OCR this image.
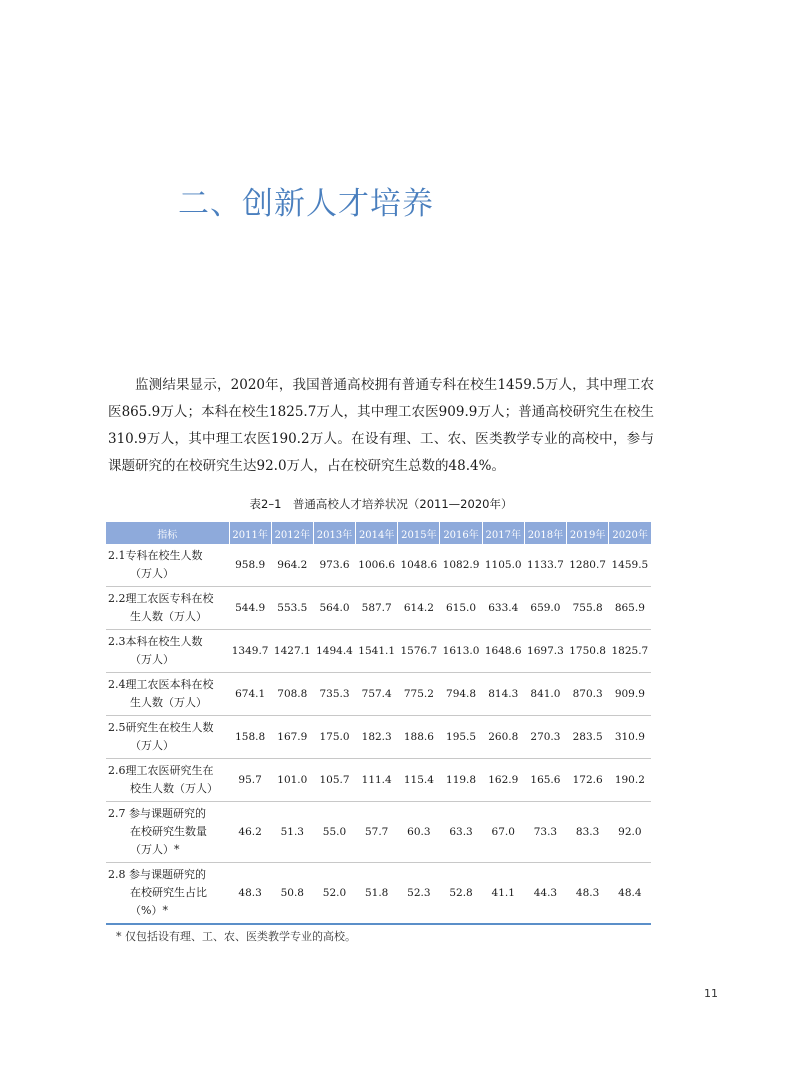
二、创新人才培养

监测结果显示，2020年，我国普通高校拥有普通专科在校生1459.5万人，其中理工农医865.9万人；本科在校生1825.7万人，其中理工农医909.9万人；普通高校研究生在校生310.9万人，其中理工农医190.2万人。在设有理、工、农、医类教学专业的高校中，参与课题研究的在校研究生达92.0万人，占在校研究生总数的48.4%。

表2–1　普通高校人才培养状况（2011—2020年）
指标	2011年	2012年	2013年	2014年	2015年	2016年	2017年	2018年	2019年	2020年

2.1专科在校生人数
（万人）	958.9	964.2	973.6	1006.6	1048.6	1082.9	1105.0	1133.7	1280.7	1459.5

2.2理工农医专科在校
生人数（万人）	544.9	553.5	564.0	587.7	614.2	615.0	633.4	659.0	755.8	865.9

2.3本科在校生人数
（万人）	1349.7	1427.1	1494.4	1541.1	1576.7	1613.0	1648.6	1697.3	1750.8	1825.7

2.4理工农医本科在校
生人数（万人）	674.1	708.8	735.3	757.4	775.2	794.8	814.3	841.0	870.3	909.9

2.5研究生在校生人数
（万人）	158.8	167.9	175.0	182.3	188.6	195.5	260.8	270.3	283.5	310.9

2.6理工农医研究生在
校生人数（万人）	95.7	101.0	105.7	111.4	115.4	119.8	162.9	165.6	172.6	190.2

2.7 参与课题研究的
在校研究生数量
（万人）*	46.2	51.3	55.0	57.7	60.3	63.3	67.0	73.3	83.3	92.0

2.8 参与课题研究的
在校研究生占比
（%）*	48.3	50.8	52.0	51.8	52.3	52.8	41.1	44.3	48.3	48.4
* 仅包括设有理、工、农、医类教学专业的高校。
11
